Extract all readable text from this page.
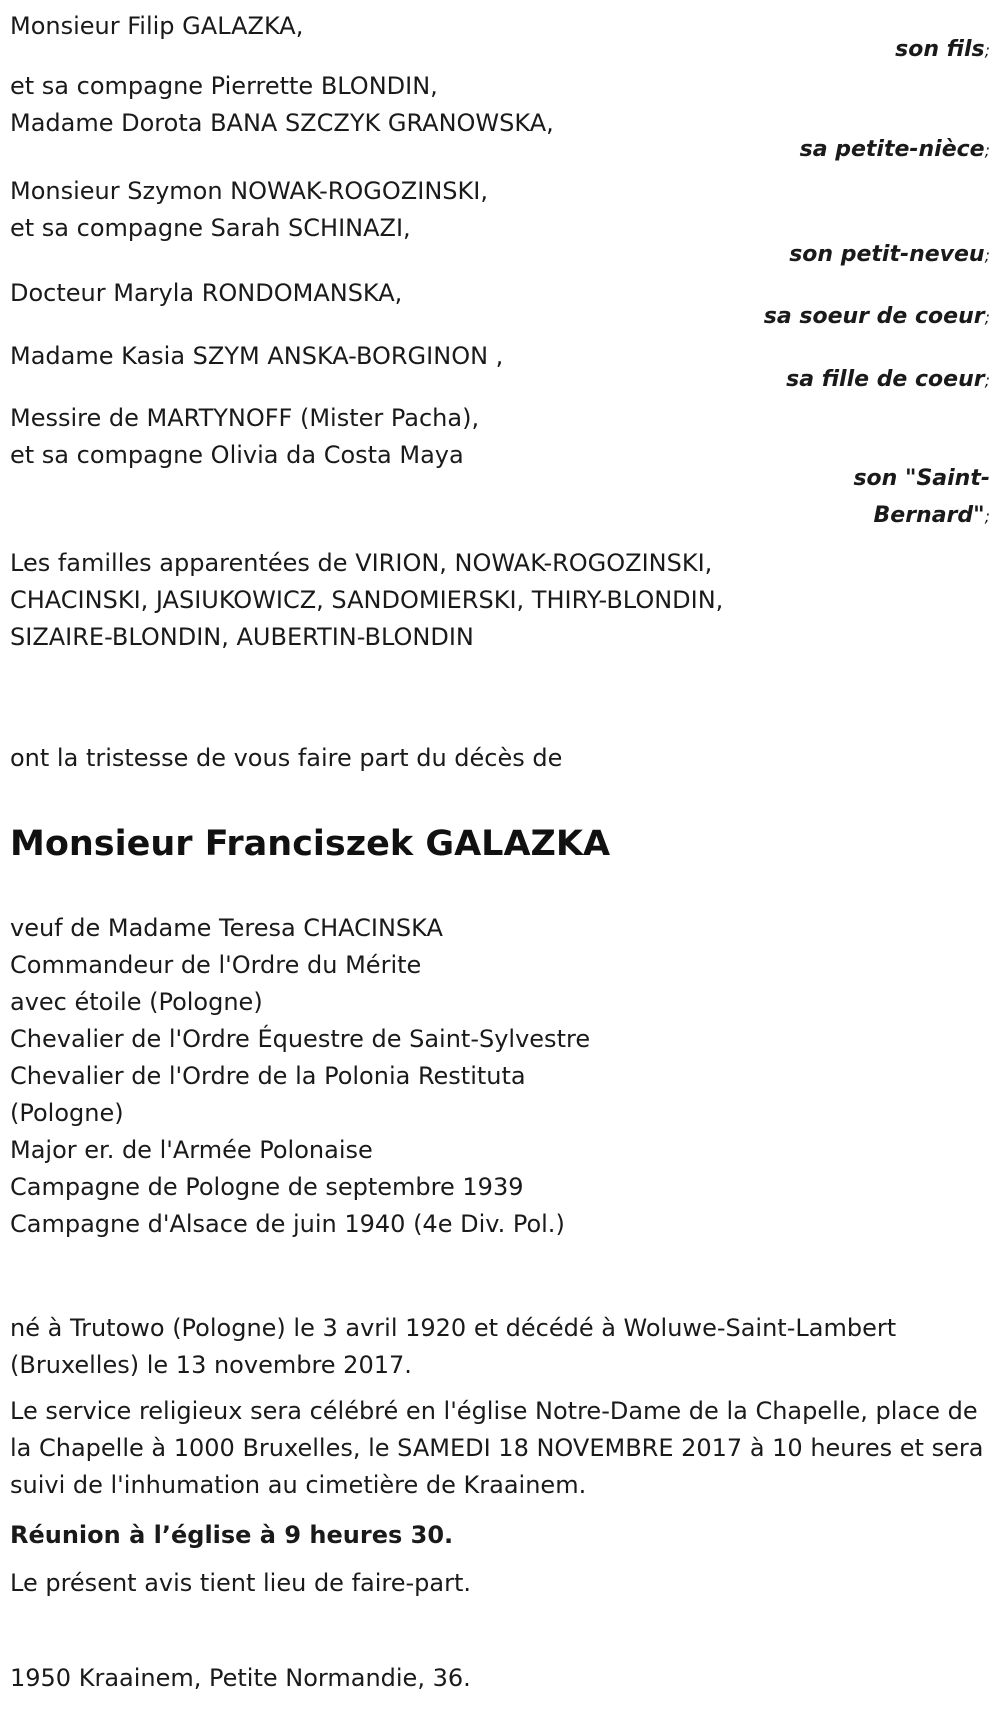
Monsieur Filip GALAZKA,
son fils;
et sa compagne Pierrette BLONDIN,
Madame Dorota BANA SZCZYK GRANOWSKA,
sa petite-nièce;
Monsieur Szymon NOWAK-ROGOZINSKI,
et sa compagne Sarah SCHINAZI,
son petit-neveu;
Docteur Maryla RONDOMANSKA,
sa soeur de coeur;
Madame Kasia SZYM ANSKA-BORGINON ,
sa fille de coeur;
Messire de MARTYNOFF (Mister Pacha),
et sa compagne Olivia da Costa Maya
son "Saint-Bernard";
Les familles apparentées de VIRION, NOWAK-ROGOZINSKI, CHACINSKI, JASIUKOWICZ, SANDOMIERSKI, THIRY-BLONDIN, SIZAIRE-BLONDIN, AUBERTIN-BLONDIN
ont la tristesse de vous faire part du décès de
Monsieur Franciszek GALAZKA
veuf de Madame Teresa CHACINSKA
Commandeur de l'Ordre du Mérite
avec étoile (Pologne)
Chevalier de l'Ordre Équestre de Saint-Sylvestre
Chevalier de l'Ordre de la Polonia Restituta
(Pologne)
Major er. de l'Armée Polonaise
Campagne de Pologne de septembre 1939
Campagne d'Alsace de juin 1940 (4e Div. Pol.)
né à Trutowo (Pologne) le 3 avril 1920 et décédé à Woluwe-Saint-Lambert (Bruxelles) le 13 novembre 2017.
Le service religieux sera célébré en l'église Notre-Dame de la Chapelle, place de la Chapelle à 1000 Bruxelles, le SAMEDI 18 NOVEMBRE 2017 à 10 heures et sera suivi de l'inhumation au cimetière de Kraainem.
Réunion à l’église à 9 heures 30.
Le présent avis tient lieu de faire-part.
1950 Kraainem, Petite Normandie, 36.
